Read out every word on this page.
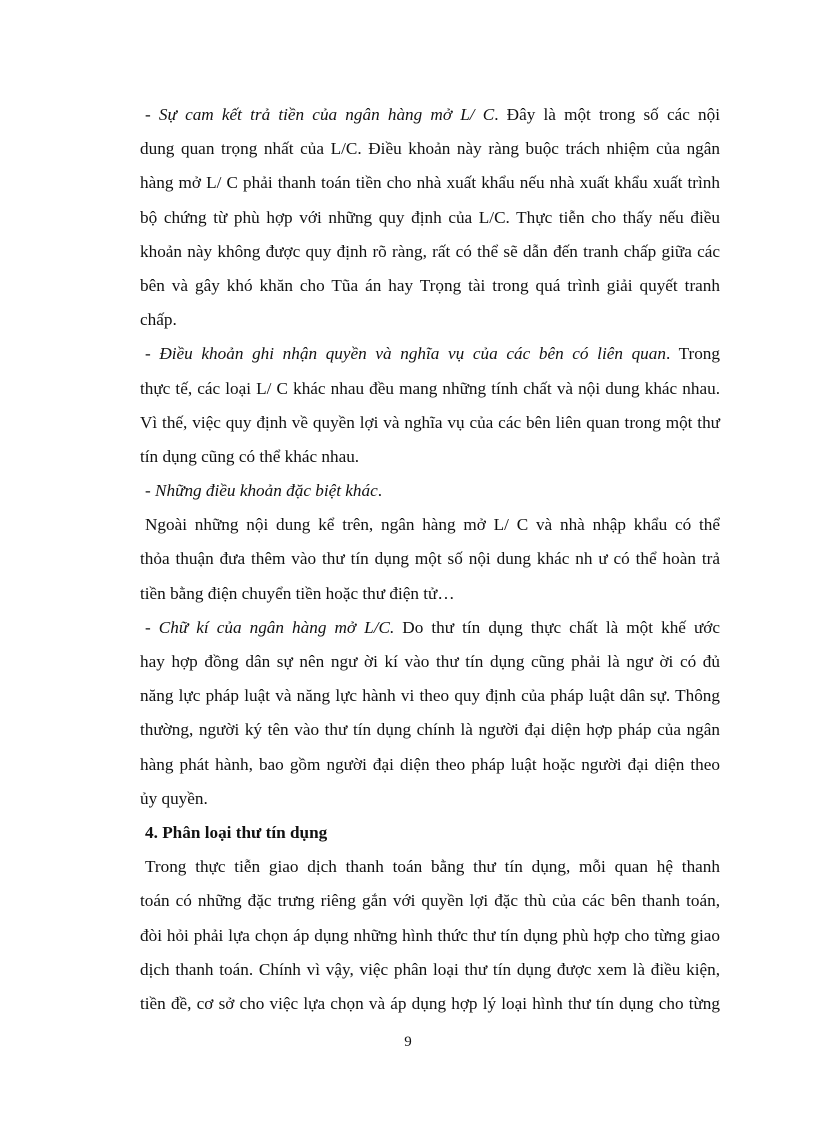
- Sự cam kết trả tiền của ngân hàng mở L/ C. Đây là một trong số các nội
dung quan trọng nhất của L/C. Điều khoản này ràng buộc trách nhiệm của ngân
hàng mở L/ C phải thanh toán tiền cho nhà xuất khẩu nếu nhà xuất khẩu xuất trình
bộ chứng từ phù hợp với những quy định của L/C. Thực tiễn cho thấy nếu điều
khoản này không được quy định rõ ràng, rất có thể sẽ dẫn đến tranh chấp giữa các
bên và gây khó khăn cho Tũa án hay Trọng tài trong quá trình giải quyết tranh
chấp.
- Điều khoản ghi nhận quyền và nghĩa vụ của các bên có liên quan. Trong
thực tế, các loại L/ C khác nhau đều mang những tính chất và nội dung khác nhau.
Vì thế, việc quy định về quyền lợi và nghĩa vụ của các bên liên quan trong một thư
tín dụng cũng có thể khác nhau.
- Những điều khoản đặc biệt khác.
Ngoài những nội dung kể trên, ngân hàng mở L/ C và nhà nhập khẩu có thể
thỏa thuận đưa thêm vào thư tín dụng một số nội dung khác nh ư có thể hoàn trả
tiền bằng điện chuyển tiền hoặc thư điện tử…
- Chữ kí của ngân hàng mở L/C. Do thư tín dụng thực chất là một khế ước
hay hợp đồng dân sự nên ngư ời kí vào thư tín dụng cũng phải là ngư ời có đủ
năng lực pháp luật và năng lực hành vi theo quy định của pháp luật dân sự. Thông
thường, người ký tên vào thư tín dụng chính là người đại diện hợp pháp của ngân
hàng phát hành, bao gồm người đại diện theo pháp luật hoặc người đại diện theo
ủy quyền.
4. Phân loại thư tín dụng
Trong thực tiễn giao dịch thanh toán bằng thư tín dụng, mỗi quan hệ thanh
toán có những đặc trưng riêng gắn với quyền lợi đặc thù của các bên thanh toán,
đòi hỏi phải lựa chọn áp dụng những hình thức thư tín dụng phù hợp cho từng giao
dịch thanh toán. Chính vì vậy, việc phân loại thư tín dụng được xem là điều kiện,
tiền đề, cơ sở cho việc lựa chọn và áp dụng hợp lý loại hình thư tín dụng cho từng
9
